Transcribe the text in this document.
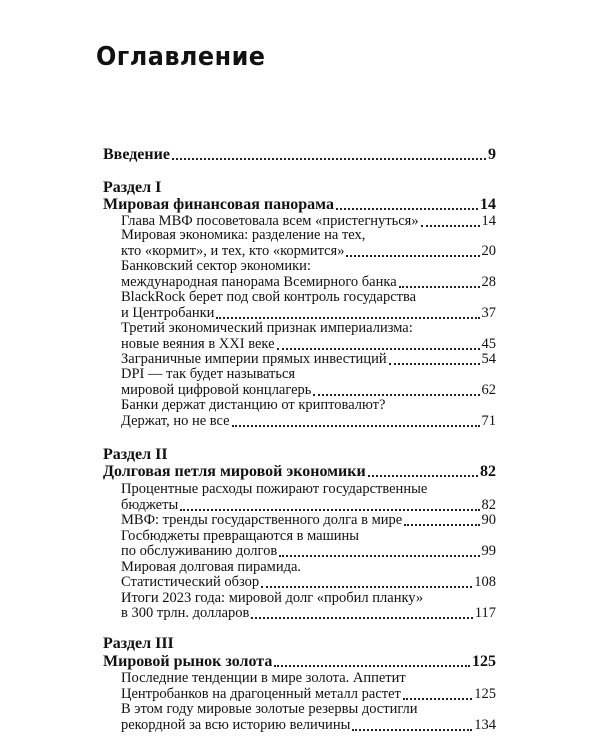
Оглавление
Введение	9
Раздел I
Мировая финансовая панорама	14
Глава МВФ посоветовала всем «пристегнуться»	14
Мировая экономика: разделение на тех,
кто «кормит», и тех, кто «кормится»	20
Банковский сектор экономики:
международная панорама Всемирного банка	28
BlackRock берет под свой контроль государства
и Центробанки	37
Третий экономический признак империализма:
новые веяния в XXI веке	45
Заграничные империи прямых инвестиций	54
DPI — так будет называться
мировой цифровой концлагерь	62
Банки держат дистанцию от криптовалют?
Держат, но не все	71
Раздел II
Долговая петля мировой экономики	82
Процентные расходы пожирают государственные
бюджеты	82
МВФ: тренды государственного долга в мире	90
Госбюджеты превращаются в машины
по обслуживанию долгов	99
Мировая долговая пирамида.
Статистический обзор	108
Итоги 2023 года: мировой долг «пробил планку»
в 300 трлн. долларов	117
Раздел III
Мировой рынок золота	125
Последние тенденции в мире золота. Аппетит
Центробанков на драгоценный металл растет	125
В этом году мировые золотые резервы достигли
рекордной за всю историю величины	134
